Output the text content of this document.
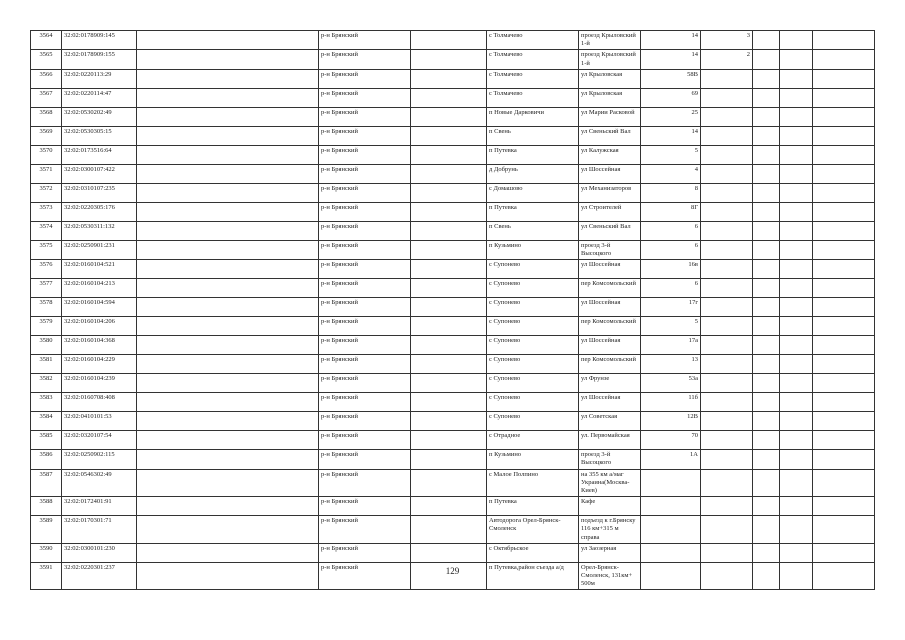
3564	32:02:0178909:145		р-н Брянский		с Толмачево	проезд Крыловский 1-й	14	3			
3565	32:02:0178909:155		р-н Брянский		с Толмачево	проезд Крыловский 1-й	14	2			
3566	32:02:0220113:29		р-н Брянский		с Толмачево	ул Крыловская	58В				
3567	32:02:0220114:47		р-н Брянский		с Толмачево	ул Крыловская	69				
3568	32:02:0530202:49		р-н Брянский		п Новые Дарковичи	ул Марии Расковой	25				
3569	32:02:0530305:15		р-н Брянский		п Свень	ул Свеньский Вал	14				
3570	32:02:0173516:64		р-н Брянский		п Путевка	ул Калужская	5				
3571	32:02:0300107:422		р-н Брянский		д Добрунь	ул Шоссейная	4				
3572	32:02:0310107:235		р-н Брянский		с Домашово	ул Механизаторов	8				
3573	32:02:0220305:176		р-н Брянский		п Путевка	ул Строителей	8Г				
3574	32:02:0530311:132		р-н Брянский		п Свень	ул Свеньский Вал	6				
3575	32:02:0250901:231		р-н Брянский		п Кузьмино	проезд 3-й Высоцкого	6				
3576	32:02:0160104:521		р-н Брянский		с Супонево	ул Шоссейная	16в				
3577	32:02:0160104:213		р-н Брянский		с Супонево	пер Комсомольский	6				
3578	32:02:0160104:594		р-н Брянский		с Супонево	ул Шоссейная	17г				
3579	32:02:0160104:206		р-н Брянский		с Супонево	пер Комсомольский	5				
3580	32:02:0160104:368		р-н Брянский		с Супонево	ул Шоссейная	17а				
3581	32:02:0160104:229		р-н Брянский		с Супонево	пер Комсомольский	13				
3582	32:02:0160104:239		р-н Брянский		с Супонево	ул Фрунзе	53а				
3583	32:02:0160708:408		р-н Брянский		с Супонево	ул Шоссейная	11б				
3584	32:02:0410101:53		р-н Брянский		с Супонево	ул Советская	12В				
3585	32:02:0320107:54		р-н Брянский		с Отрадное	ул. Первомайская	70				
3586	32:02:0250902:115		р-н Брянский		п Кузьмино	проезд 3-й Высоцкого	1А				
3587	32:02:0546302:49		р-н Брянский		с Малое Полпино	на 355 км а/маг Украина(Москва-Киев)					
3588	32:02:0172401:91		р-н Брянский		п Путевка	Кафе					
3589	32:02:0170301:71		р-н Брянский		Автодорога Орел-Брянск-Смоленск	подъезд к г.Брянску 116 км+315 м справа					
3590	32:02:0300101:230		р-н Брянский		с Октябрьское	ул Заозерная					
3591	32:02:0220301:237		р-н Брянский		п Путевка,район съезда а/д	Орел-Брянск-Смоленск, 131км+ 500м					
129
